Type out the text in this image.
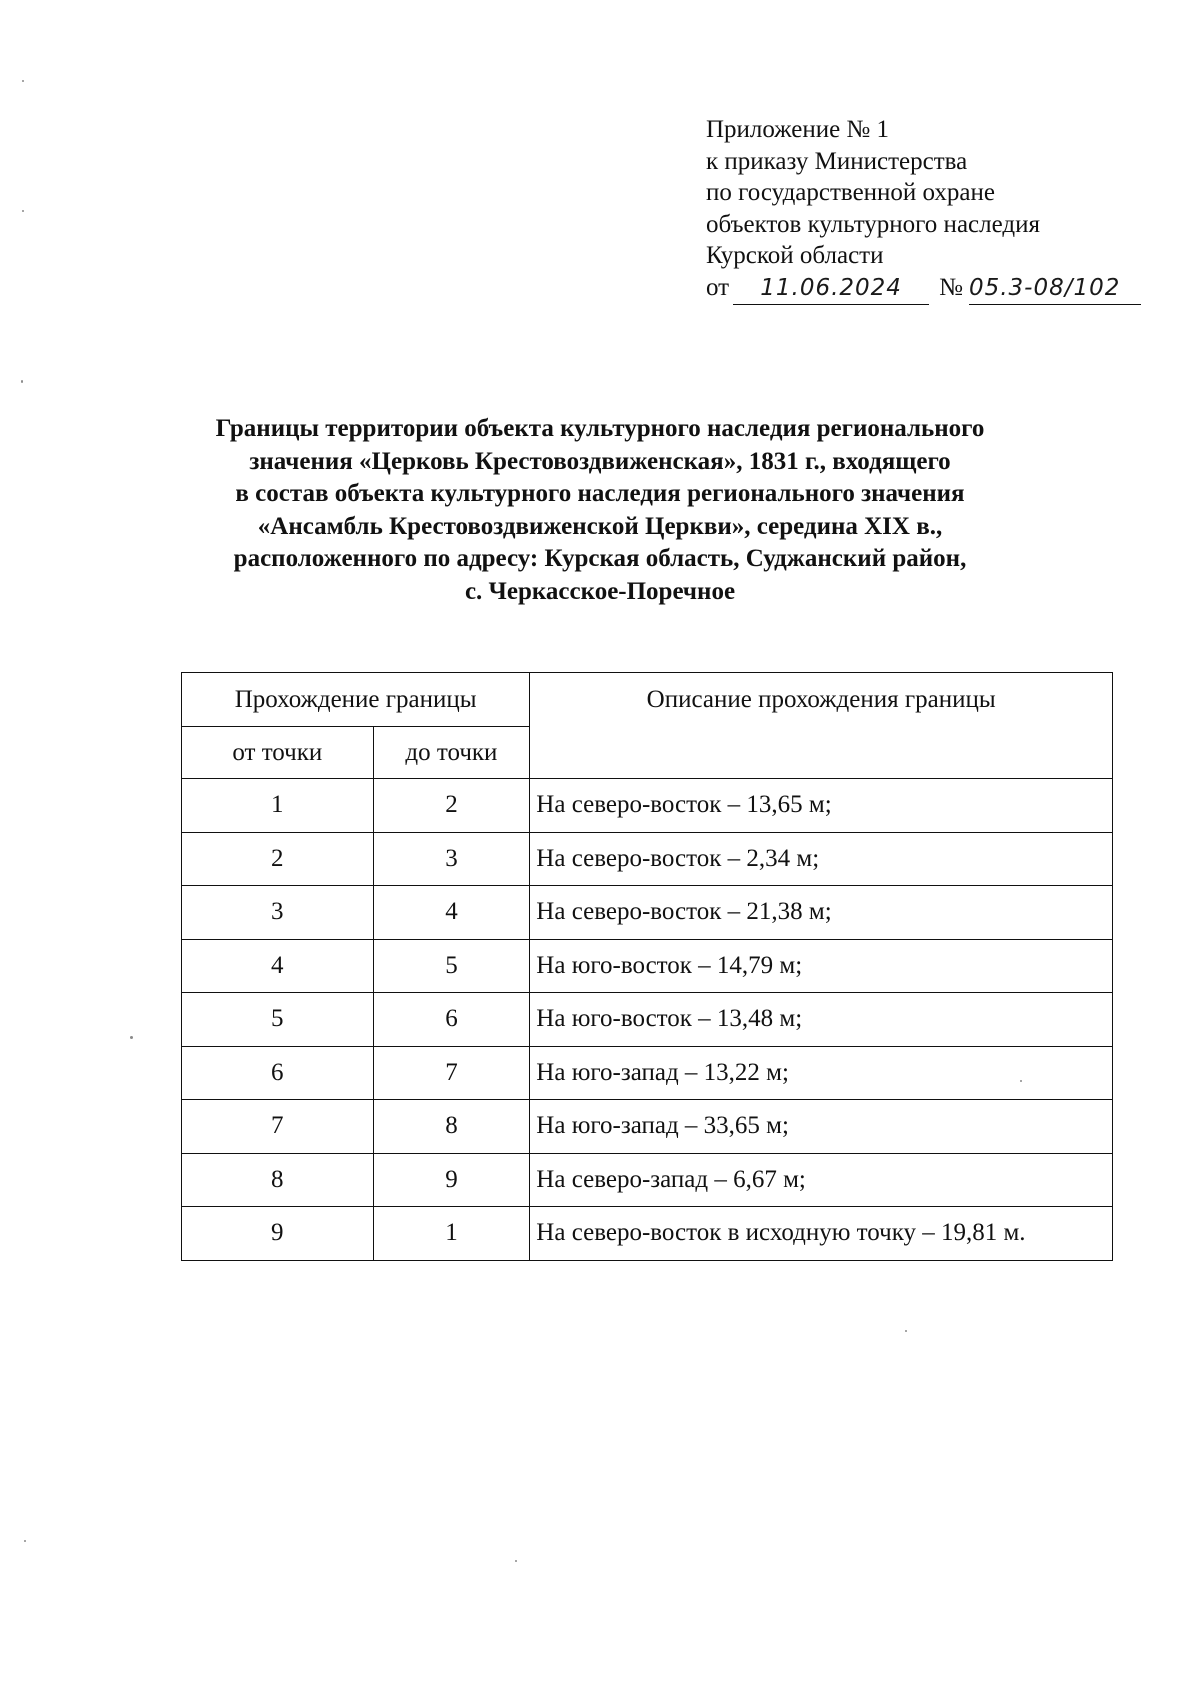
Приложение № 1
к приказу Министерства
по государственной охране
объектов культурного наследия
Курской области
от 11.06.2024 № 05.3-08/102
Границы территории объекта культурного наследия регионального
значения «Церковь Крестовоздвиженская», 1831 г., входящего
в состав объекта культурного наследия регионального значения
«Ансамбль Крестовоздвиженской Церкви», середина XIX в.,
расположенного по адресу: Курская область, Суджанский район,
с. Черкасское-Поречное
Прохождение границы		Описание прохождения границы
от точки	до точки	
1	2	На северо-восток – 13,65 м;
2	3	На северо-восток – 2,34 м;
3	4	На северо-восток – 21,38 м;
4	5	На юго-восток – 14,79 м;
5	6	На юго-восток – 13,48 м;
6	7	На юго-запад – 13,22 м;
7	8	На юго-запад – 33,65 м;
8	9	На северо-запад – 6,67 м;
9	1	На северо-восток в исходную точку – 19,81 м.
